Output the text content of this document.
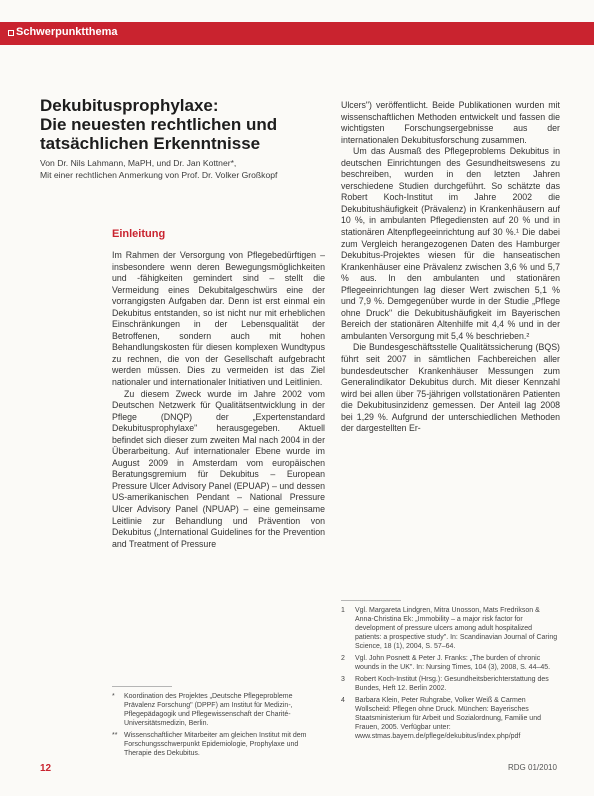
Schwerpunktthema
Dekubitusprophylaxe:
Die neuesten rechtlichen und
tatsächlichen Erkenntnisse
Von Dr. Nils Lahmann, MaPH, und Dr. Jan Kottner*,
Mit einer rechtlichen Anmerkung von Prof. Dr. Volker Großkopf
Einleitung

Im Rahmen der Versorgung von Pflegebedürftigen – insbesondere wenn deren Bewegungsmöglichkeiten und -fähigkeiten gemindert sind – stellt die Vermeidung eines Dekubitalgeschwürs eine der vorrangigsten Aufgaben dar. Denn ist erst einmal ein Dekubitus entstanden, so ist nicht nur mit erheblichen Einschränkungen in der Lebensqualität der Betroffenen, sondern auch mit hohen Behandlungskosten für diesen komplexen Wundtypus zu rechnen, die von der Gesellschaft aufgebracht werden müssen. Dies zu vermeiden ist das Ziel nationaler und internationaler Initiativen und Leitlinien.

Zu diesem Zweck wurde im Jahre 2002 vom Deutschen Netzwerk für Qualitätsentwicklung in der Pflege (DNQP) der „Expertenstandard Dekubitusprophylaxe" herausgegeben. Aktuell befindet sich dieser zum zweiten Mal nach 2004 in der Überarbeitung. Auf internationaler Ebene wurde im August 2009 in Amsterdam vom europäischen Beratungsgremium für Dekubitus – European Pressure Ulcer Advisory Panel (EPUAP) – und dessen US-amerikanischen Pendant – National Pressure Ulcer Advisory Panel (NPUAP) – eine gemeinsame Leitlinie zur Behandlung und Prävention von Dekubitus („International Guidelines for the Prevention and Treatment of Pressure

Ulcers") veröffentlicht. Beide Publikationen wurden mit wissenschaftlichen Methoden entwickelt und fassen die wichtigsten Forschungsergebnisse aus der internationalen Dekubitusforschung zusammen.

Um das Ausmaß des Pflegeproblems Dekubitus in deutschen Einrichtungen des Gesundheitswesens zu beschreiben, wurden in den letzten Jahren verschiedene Studien durchgeführt. So schätzte das Robert Koch-Institut im Jahre 2002 die Dekubitushäufigkeit (Prävalenz) in Krankenhäusern auf 10 %, in ambulanten Pflegediensten auf 20 % und in stationären Altenpflegeeinrichtung auf 30 %.¹ Die dabei zum Vergleich herangezogenen Daten des Hamburger Dekubitus-Projektes wiesen für die hanseatischen Krankenhäuser eine Prävalenz zwischen 3,6 % und 5,7 % aus. In den ambulanten und stationären Pflegeeinrichtungen lag dieser Wert zwischen 5,1 % und 7,9 %. Demgegenüber wurde in der Studie „Pflege ohne Druck" die Dekubitushäufigkeit im Bayerischen Bereich der stationären Altenhilfe mit 4,4 % und in der ambulanten Versorgung mit 5,4 % beschrieben.²

Die Bundesgeschäftsstelle Qualitätssicherung (BQS) führt seit 2007 in sämtlichen Fachbereichen aller bundesdeutscher Krankenhäuser Messungen zum Generalindikator Dekubitus durch. Mit dieser Kennzahl wird bei allen über 75-jährigen vollstationären Patienten die Dekubitusinzidenz gemessen. Der Anteil lag 2008 bei 1,29 %. Aufgrund der unterschiedlichen Methoden der dargestellten Er-

*	Koordination des Projektes „Deutsche Pflegeprobleme Prävalenz Forschung" (DPPF) am Institut für Medizin-, Pflegepädagogik und Pflegewissenschaft der Charité-Universitätsmedizin, Berlin.
** Wissenschaftlicher Mitarbeiter am gleichen Institut mit dem Forschungsschwerpunkt Epidemiologie, Prophylaxe und Therapie des Dekubitus.
1	Vgl. Margareta Lindgren, Mitra Unosson, Mats Fredrikson & Anna-Christina Ek: „Immobility – a major risk factor for development of pressure ulcers among adult hospitalized patients: a prospective study". In: Scandinavian Journal of Caring Science, 18 (1), 2004, S. 57–64.
2	Vgl. John Posnett & Peter J. Franks: „The burden of chronic wounds in the UK". In: Nursing Times, 104 (3), 2008, S. 44–45.
3	Robert Koch-Institut (Hrsg.): Gesundheitsberichterstattung des Bundes, Heft 12. Berlin 2002.
4	Barbara Klein, Peter Ruhgrabe, Volker Weiß & Carmen Wollscheid: Pflegen ohne Druck. München: Bayerisches Staatsministerium für Arbeit und Sozialordnung, Familie und Frauen, 2005. Verfügbar unter: www.stmas.bayern.de/pflege/dekubitus/index.php/pdf
12	RDG 01/2010
